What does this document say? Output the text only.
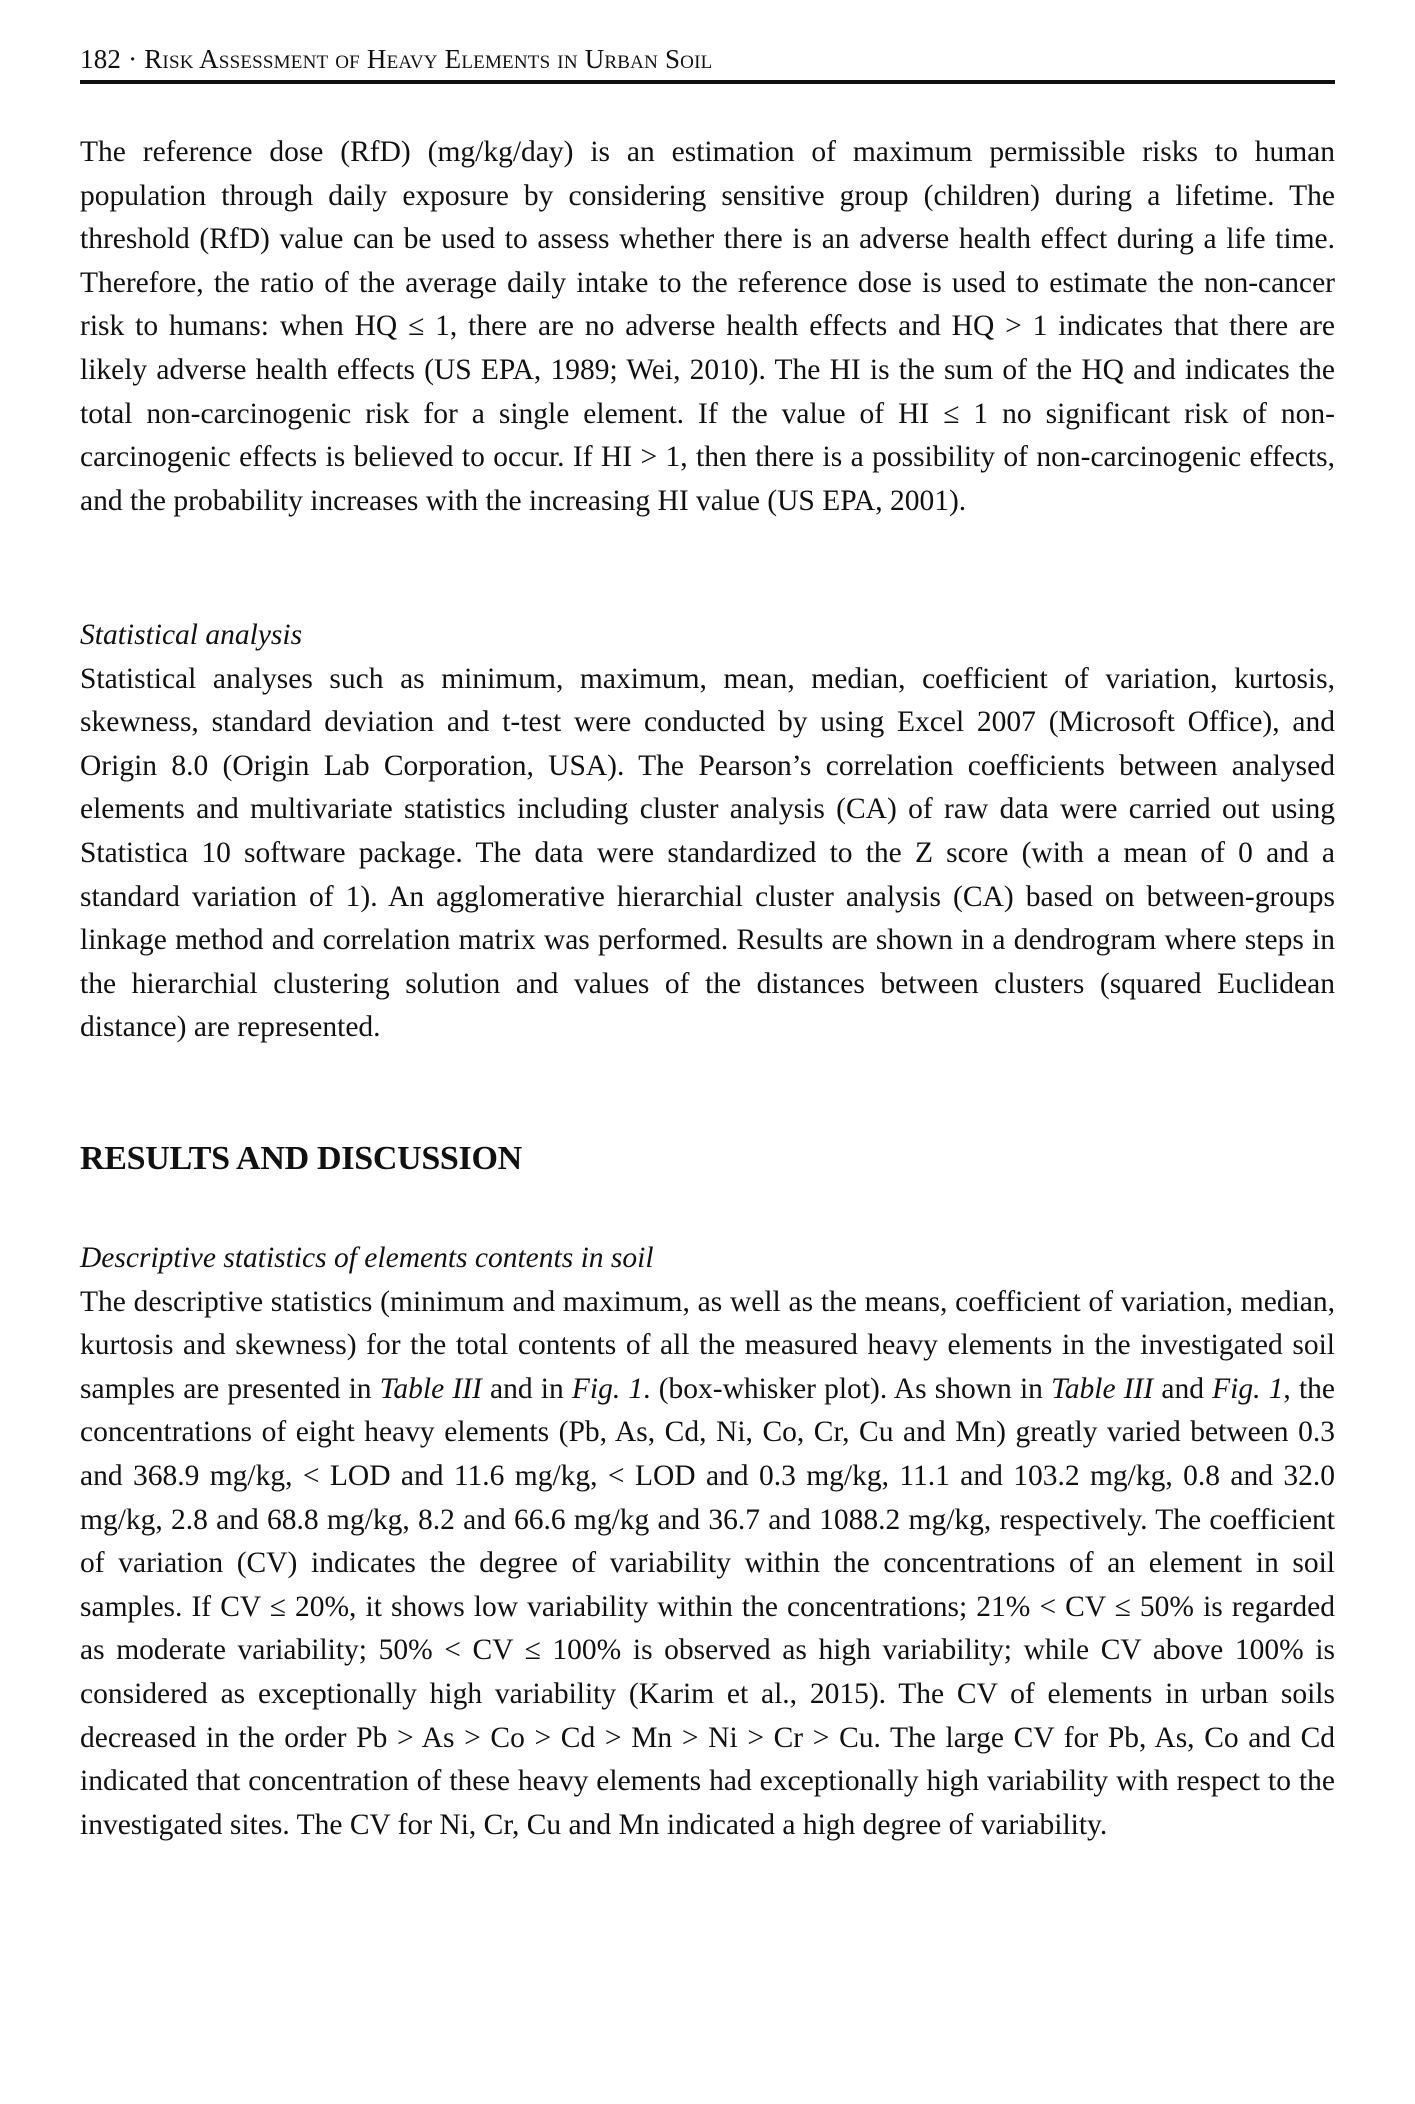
182 · Risk Assessment of Heavy Elements in Urban Soil

The reference dose (RfD) (mg/kg/day) is an estimation of maximum permissible risks to human population through daily exposure by considering sensitive group (children) during a lifetime. The threshold (RfD) value can be used to assess whether there is an adverse health effect during a life time. Therefore, the ratio of the average daily intake to the reference dose is used to estimate the non-cancer risk to humans: when HQ ≤ 1, there are no adverse health effects and HQ > 1 indicates that there are likely adverse health effects (US EPA, 1989; Wei, 2010). The HI is the sum of the HQ and indicates the total non-carcinogenic risk for a single element. If the value of HI ≤ 1 no significant risk of non-carcinogenic effects is believed to occur. If HI > 1, then there is a possibility of non-carcinogenic effects, and the probability increases with the increasing HI value (US EPA, 2001).

Statistical analysis

Statistical analyses such as minimum, maximum, mean, median, coefficient of variation, kurtosis, skewness, standard deviation and t-test were conducted by using Excel 2007 (Microsoft Office), and Origin 8.0 (Origin Lab Corporation, USA). The Pearson’s correlation coefficients between analysed elements and multivariate statistics including cluster analysis (CA) of raw data were carried out using Statistica 10 software package. The data were standardized to the Z score (with a mean of 0 and a standard variation of 1). An agglomerative hierarchial cluster analysis (CA) based on between-groups linkage method and correlation matrix was performed. Results are shown in a dendrogram where steps in the hierarchial clustering solution and values of the distances between clusters (squared Euclidean distance) are represented.

RESULTS AND DISCUSSION
Descriptive statistics of elements contents in soil

The descriptive statistics (minimum and maximum, as well as the means, coefficient of variation, median, kurtosis and skewness) for the total contents of all the measured heavy elements in the investigated soil samples are presented in Table III and in Fig. 1. (box-whisker plot). As shown in Table III and Fig. 1, the concentrations of eight heavy elements (Pb, As, Cd, Ni, Co, Cr, Cu and Mn) greatly varied between 0.3 and 368.9 mg/kg, < LOD and 11.6 mg/kg, < LOD and 0.3 mg/kg, 11.1 and 103.2 mg/kg, 0.8 and 32.0 mg/kg, 2.8 and 68.8 mg/kg, 8.2 and 66.6 mg/kg and 36.7 and 1088.2 mg/kg, respectively. The coefficient of variation (CV) indicates the degree of variability within the concentrations of an element in soil samples. If CV ≤ 20%, it shows low variability within the concentrations; 21% < CV ≤ 50% is regarded as moderate variability; 50% < CV ≤ 100% is observed as high variability; while CV above 100% is considered as exceptionally high variability (Karim et al., 2015). The CV of elements in urban soils decreased in the order Pb > As > Co > Cd > Mn > Ni > Cr > Cu. The large CV for Pb, As, Co and Cd indicated that concentration of these heavy elements had exceptionally high variability with respect to the investigated sites. The CV for Ni, Cr, Cu and Mn indicated a high degree of variability.
